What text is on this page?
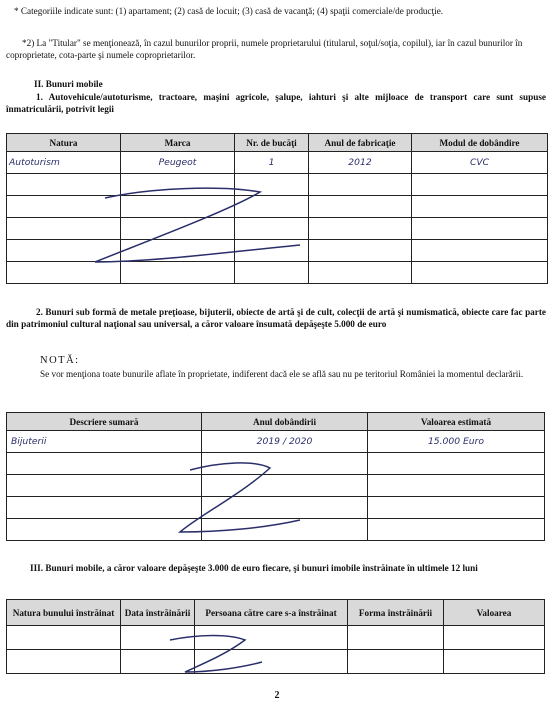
* Categoriile indicate sunt: (1) apartament; (2) casă de locuit; (3) casă de vacanţă; (4) spaţii comerciale/de producţie.
*2) La "Titular" se menţionează, în cazul bunurilor proprii, numele proprietarului (titularul, soţul/soţia, copilul), iar în cazul bunurilor în coproprietate, cota-parte şi numele coproprietarilor.
II. Bunuri mobile
1. Autovehicule/autoturisme, tractoare, maşini agricole, şalupe, iahturi şi alte mijloace de transport care sunt supuse înmatriculării, potrivit legii
Natura	Marca	Nr. de bucăţi	Anul de fabricaţie	Modul de dobândire
Autoturism	Peugeot	1	2012	CVC

2. Bunuri sub formă de metale preţioase, bijuterii, obiecte de artă şi de cult, colecţii de artă şi numismatică, obiecte care fac parte din patrimoniul cultural naţional sau universal, a căror valoare însumată depăşeşte 5.000 de euro
NOTĂ:
Se vor menţiona toate bunurile aflate în proprietate, indiferent dacă ele se află sau nu pe teritoriul României la momentul declarării.
Descriere sumară	Anul dobândirii	Valoarea estimată
Bijuterii	2019 / 2020	15.000 Euro

III. Bunuri mobile, a căror valoare depăşeşte 3.000 de euro fiecare, şi bunuri imobile înstrăinate în ultimele 12 luni
Natura bunului înstrăinat	Data înstrăinării	Persoana către care s-a înstrăinat	Forma înstrăinării	Valoarea

2
